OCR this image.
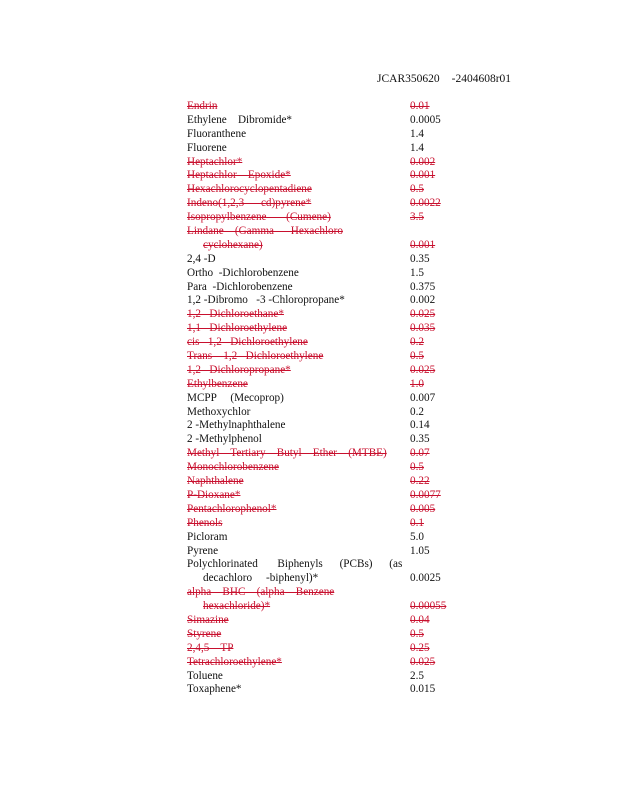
JCAR350620 -2404608r01
Endrin	0.01
Ethylene    Dibromide*	0.0005
Fluoranthene	1.4
Fluorene	1.4
Heptachlor*	0.002
Heptachlor    Epoxide*	0.001
Hexachlorocyclopentadiene	0.5
Indeno(1,2,3      cd)pyrene*	0.0022
Isopropylbenzene       (Cumene)	3.5
Lindane    (Gamma      Hexachloro
cyclohexane)	0.001
2,4 -D	0.35
Ortho  -Dichlorobenzene	1.5
Para  -Dichlorobenzene	0.375
1,2 -Dibromo   -3 -Chloropropane*	0.002
1,2   Dichloroethane*	0.025
1,1   Dichloroethylene	0.035
cis   1,2   Dichloroethylene	0.2
Trans    1,2   Dichloroethylene	0.5
1,2   Dichloropropane*	0.025
Ethylbenzene	1.0
MCPP     (Mecoprop)	0.007
Methoxychlor	0.2
2 -Methylnaphthalene	0.14
2 -Methylphenol	0.35
Methyl    Tertiary    Butyl    Ether    (MTBE) 0.07
Monochlorobenzene	0.5
Naphthalene	0.22
P-Dioxane*	0.0077
Pentachlorophenol*	0.005
Phenols	0.1
Picloram	5.0
Pyrene	1.05
Polychlorinated       Biphenyls      (PCBs)      (as
decachloro     -biphenyl)*	0.0025
alpha    BHC    (alpha    Benzene
hexachloride)*	0.00055
Simazine	0.04
Styrene	0.5
2,4,5    TP	0.25
Tetrachloroethylene*	0.025
Toluene	2.5
Toxaphene*	0.015
